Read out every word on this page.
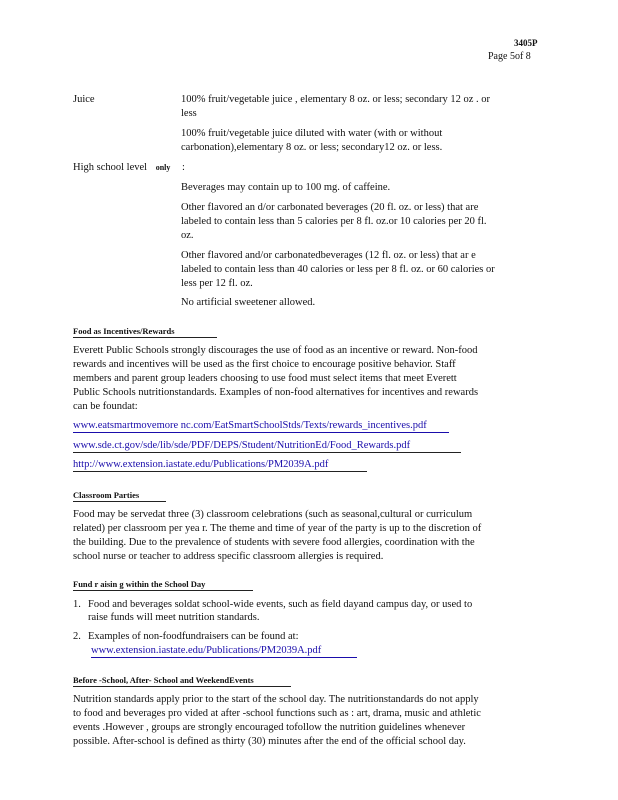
3405P
Page 5of 8
Juice	100% fruit/vegetable juice , elementary 8 oz. or less; secondary 12 oz . or
less
100% fruit/vegetable juice diluted with water (with or without
carbonation),elementary 8 oz. or less; secondary12 oz. or less.
High school level only :
Beverages may contain up to 100 mg. of caffeine.
Other flavored an d/or carbonated beverages (20 fl. oz. or less) that are
labeled to contain less than 5 calories per 8 fl. oz.or 10 calories per 20 fl.
oz.
Other flavored and/or carbonatedbeverages (12 fl. oz. or less) that ar e
labeled to contain less than 40 calories or less per 8 fl. oz. or 60 calories or
less per 12 fl. oz.
No artificial sweetener allowed.
Food as Incentives/Rewards
Everett Public Schools strongly discourages the use of food as an incentive or reward. Non-food
rewards and incentives will be used as the first choice to encourage positive behavior. Staff
members and parent group leaders choosing to use food must select items that meet Everett
Public Schools nutritionstandards. Examples of non-food alternatives for incentives and rewards
can be foundat:
www.eatsmartmovemore nc.com/EatSmartSchoolStds/Texts/rewards_incentives.pdf
www.sde.ct.gov/sde/lib/sde/PDF/DEPS/Student/NutritionEd/Food_Rewards.pdf
http://www.extension.iastate.edu/Publications/PM2039A.pdf
Classroom Parties
Food may be servedat three (3) classroom celebrations (such as seasonal,cultural or curriculum
related) per classroom per yea r. The theme and time of year of the party is up to the discretion of
the building. Due to the prevalence of students with severe food allergies, coordination with the
school nurse or teacher to address specific classroom allergies is required.
Fund r aisin g within the School Day
1. Food and beverages soldat school-wide events, such as field dayand campus day, or used to
raise funds will meet nutrition standards.
2. Examples of non-foodfundraisers can be found at:
www.extension.iastate.edu/Publications/PM2039A.pdf
Before -School, After- School and WeekendEvents
Nutrition standards apply prior to the start of the school day. The nutritionstandards do not apply
to food and beverages pro vided at after -school functions such as : art, drama, music and athletic
events .However , groups are strongly encouraged tofollow the nutrition guidelines whenever
possible. After-school is defined as thirty (30) minutes after the end of the official school day.
